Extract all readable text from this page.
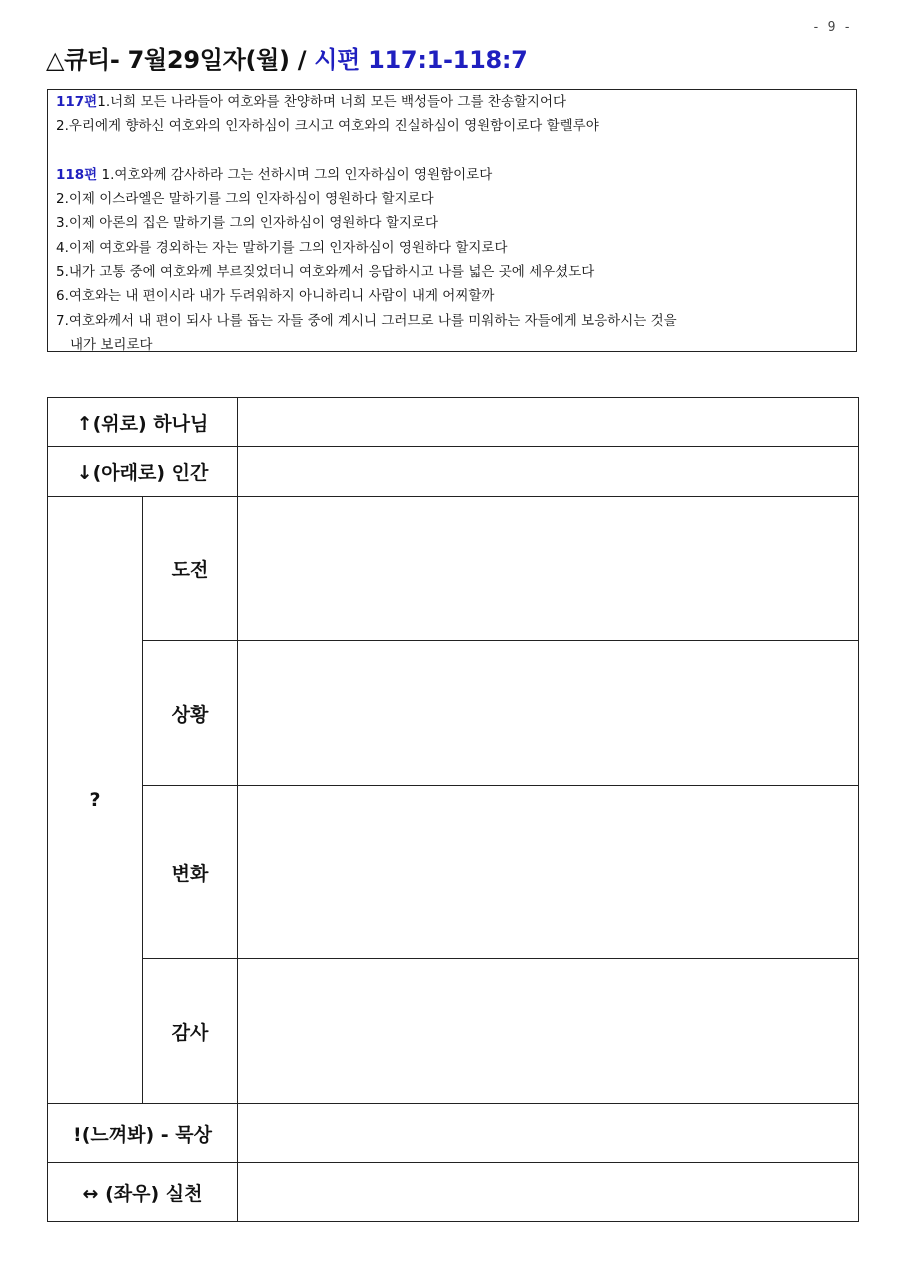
- 9 -
△큐티- 7월29일자(월) / 시편 117:1-118:7
117편1.너희 모든 나라들아 여호와를 찬양하며 너희 모든 백성들아 그를 찬송할지어다
2.우리에게 향하신 여호와의 인자하심이 크시고 여호와의 진실하심이 영원함이로다 할렐루야
118편 1.여호와께 감사하라 그는 선하시며 그의 인자하심이 영원함이로다
2.이제 이스라엘은 말하기를 그의 인자하심이 영원하다 할지로다
3.이제 아론의 집은 말하기를 그의 인자하심이 영원하다 할지로다
4.이제 여호와를 경외하는 자는 말하기를 그의 인자하심이 영원하다 할지로다
5.내가 고통 중에 여호와께 부르짖었더니 여호와께서 응답하시고 나를 넓은 곳에 세우셨도다
6.여호와는 내 편이시라 내가 두려워하지 아니하리니 사람이 내게 어찌할까
7.여호와께서 내 편이 되사 나를 돕는 자들 중에 계시니 그러므로 나를 미워하는 자들에게 보응하시는 것을
내가 보리로다
↑(위로) 하나님		
↓(아래로) 인간		
?	도전	
	상황	
	변화	
	감사	
!(느껴봐) - 묵상		
↔ (좌우) 실천		
